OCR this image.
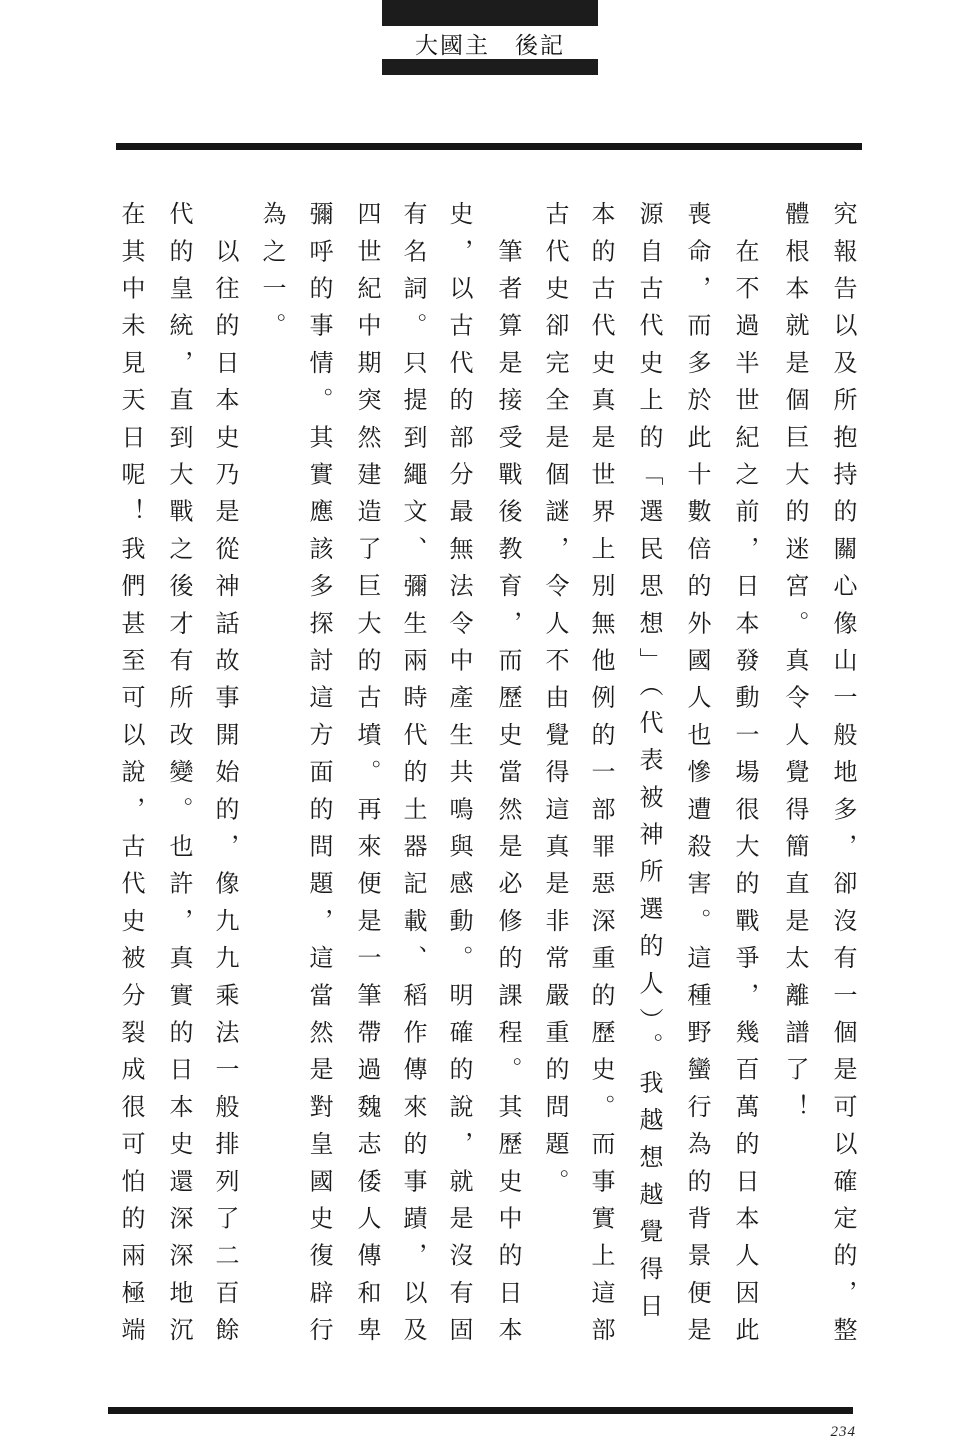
大國主　後記
究報告以及所抱持的關心像山一般地多，卻沒有一個是可以確定的，整
體根本就是個巨大的迷宮。真令人覺得簡直是太離譜了！
　在不過半世紀之前，日本發動一場很大的戰爭，幾百萬的日本人因此
喪命，而多於此十數倍的外國人也慘遭殺害。這種野蠻行為的背景便是
源自古代史上的「選民思想」（代表被神所選的人）。我越想越覺得日
本的古代史真是世界上別無他例的一部罪惡深重的歷史。而事實上這部
古代史卻完全是個謎，令人不由覺得這真是非常嚴重的問題。
　筆者算是接受戰後教育，而歷史當然是必修的課程。其歷史中的日本
史，以古代的部分最無法令中產生共鳴與感動。明確的說，就是沒有固
有名詞。只提到繩文、彌生兩時代的土器記載、稻作傳來的事蹟，以及
四世紀中期突然建造了巨大的古墳。再來便是一筆帶過魏志倭人傳和卑
彌呼的事情。其實應該多探討這方面的問題，這當然是對皇國史復辟行
為之一。
　以往的日本史乃是從神話故事開始的，像九九乘法一般排列了二百餘
代的皇統，直到大戰之後才有所改變。也許，真實的日本史還深深地沉
在其中未見天日呢！我們甚至可以說，古代史被分裂成很可怕的兩極端
234
